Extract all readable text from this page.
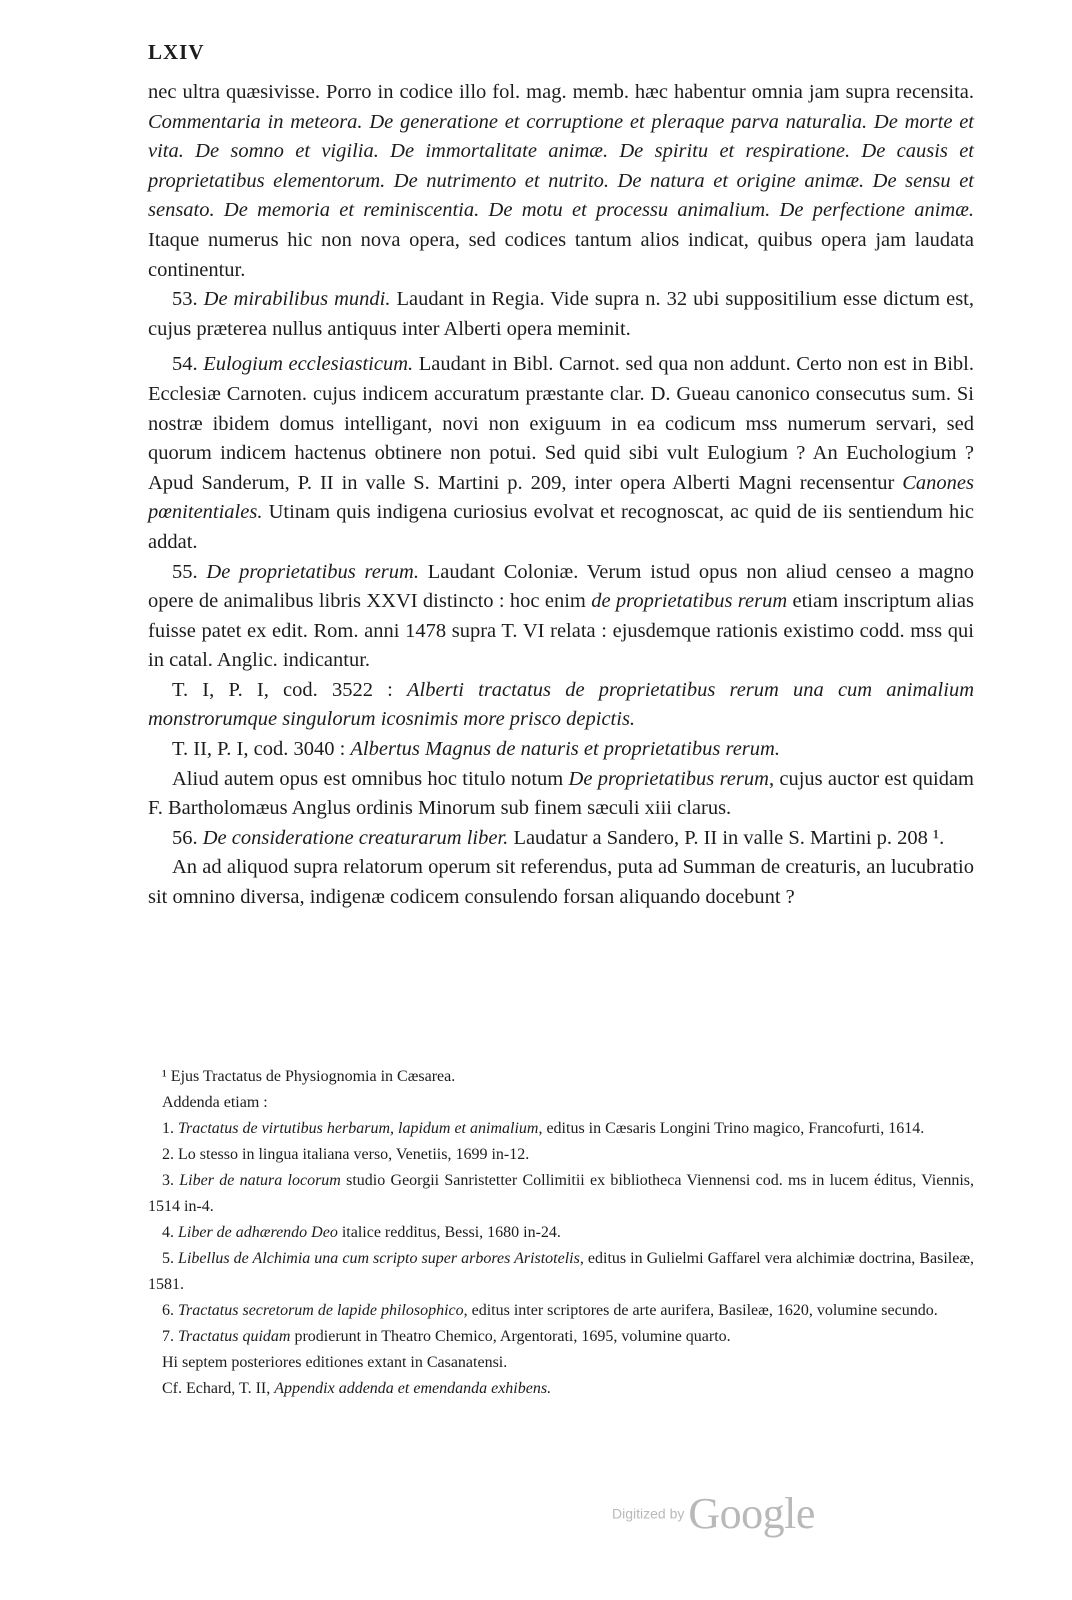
LXIV

nec ultra quæsivisse. Porro in codice illo fol. mag. memb. hæc habentur omnia jam supra recensita. Commentaria in meteora. De generatione et corruptione et pleraque parva naturalia. De morte et vita. De somno et vigilia. De immortalitate animæ. De spiritu et respiratione. De causis et proprietatibus elementorum. De nutrimento et nutrito. De natura et origine animæ. De sensu et sensato. De memoria et reminiscentia. De motu et processu animalium. De perfectione animæ. Itaque numerus hic non nova opera, sed codices tantum alios indicat, quibus opera jam laudata continentur.

53. De mirabilibus mundi. Laudant in Regia. Vide supra n. 32 ubi suppositilium esse dictum est, cujus præterea nullus antiquus inter Alberti opera meminit.

54. Eulogium ecclesiasticum. Laudant in Bibl. Carnot. sed qua non addunt. Certo non est in Bibl. Ecclesiæ Carnoten. cujus indicem accuratum præstante clar. D. Gueau canonico consecutus sum. Si nostræ ibidem domus intelligant, novi non exiguum in ea codicum mss numerum servari, sed quorum indicem hactenus obtinere non potui. Sed quid sibi vult Eulogium ? An Euchologium ? Apud Sanderum, P. II in valle S. Martini p. 209, inter opera Alberti Magni recensentur Canones pœnitentiales. Utinam quis indigena curiosius evolvat et recognoscat, ac quid de iis sentiendum hic addat.

55. De proprietatibus rerum. Laudant Coloniæ. Verum istud opus non aliud censeo a magno opere de animalibus libris XXVI distincto : hoc enim de proprietatibus rerum etiam inscriptum alias fuisse patet ex edit. Rom. anni 1478 supra T. VI relata : ejusdemque rationis existimo codd. mss qui in catal. Anglic. indicantur.

T. I, P. I, cod. 3522 : Alberti tractatus de proprietatibus rerum una cum animalium monstrorumque singulorum icosnimis more prisco depictis.

T. II, P. I, cod. 3040 : Albertus Magnus de naturis et proprietatibus rerum.

Aliud autem opus est omnibus hoc titulo notum De proprietatibus rerum, cujus auctor est quidam F. Bartholomæus Anglus ordinis Minorum sub finem sæculi xiii clarus.

56. De consideratione creaturarum liber. Laudatur a Sandero, P. II in valle S. Martini p. 208 ¹.

An ad aliquod supra relatorum operum sit referendus, puta ad Summan de creaturis, an lucubratio sit omnino diversa, indigenæ codicem consulendo forsan aliquando docebunt ?

¹ Ejus Tractatus de Physiognomia in Cæsarea.

Addenda etiam :

1. Tractatus de virtutibus herbarum, lapidum et animalium, editus in Cæsaris Longini Trino magico, Francofurti, 1614.

2. Lo stesso in lingua italiana verso, Venetiis, 1699 in-12.

3. Liber de natura locorum studio Georgii Sanristetter Collimitii ex bibliotheca Viennensi cod. ms in lucem éditus, Viennis, 1514 in-4.

4. Liber de adhærendo Deo italice redditus, Bessi, 1680 in-24.

5. Libellus de Alchimia una cum scripto super arbores Aristotelis, editus in Gulielmi Gaffarel vera alchimiæ doctrina, Basileæ, 1581.

6. Tractatus secretorum de lapide philosophico, editus inter scriptores de arte aurifera, Basileæ, 1620, volumine secundo.

7. Tractatus quidam prodierunt in Theatro Chemico, Argentorati, 1695, volumine quarto.

Hi septem posteriores editiones extant in Casanatensi.

Cf. Echard, T. II, Appendix addenda et emendanda exhibens.

Digitized by Google
